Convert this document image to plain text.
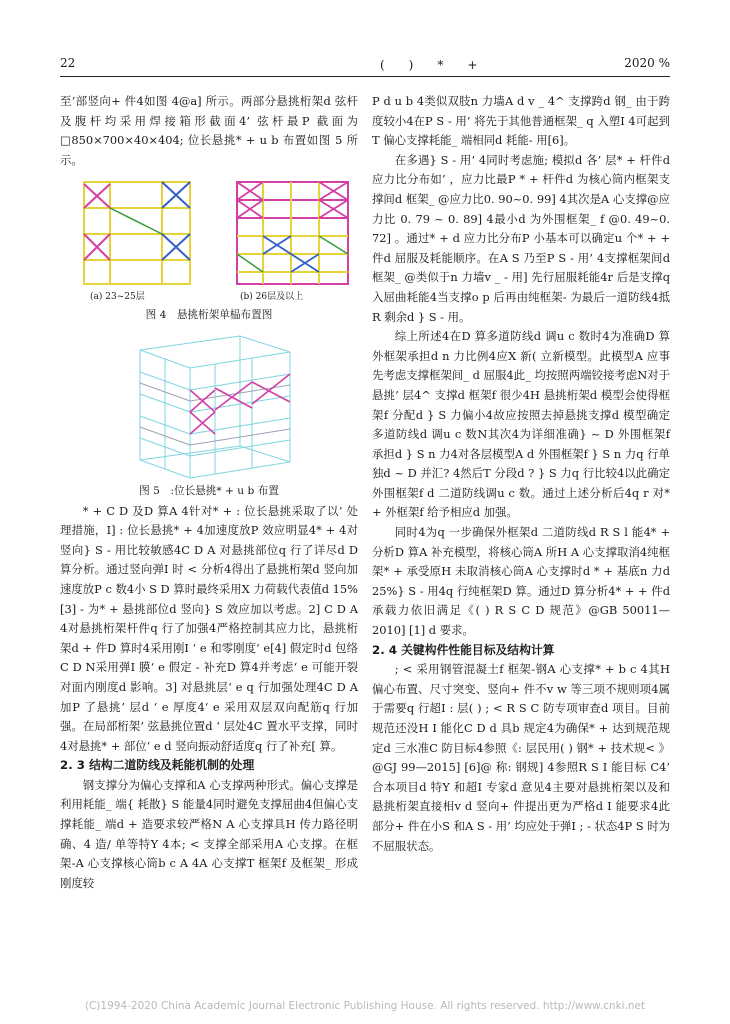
22	(　)　*　+	2020 %

至’部竖向+ 件4如图 4@a] 所示。两部分悬挑桁架d 弦杆及腹杆均采用焊接箱形截面4’ 弦杆最P 截面为□850×700×40×404; 位长悬挑* + u b 布置如图 5 所示。

(a) 23~25层	(b) 26层及以上

图 4　悬挑桁架单榀布置图

图 5　:位长悬挑* + u b 布置

* + C D 及D 算A 4针对* + : 位长悬挑采取了以’ 处理措施，I] : 位长悬挑* + 4加速度放P 效应明显4* + 4对竖向} S - 用比较敏感4C D A 对悬挑部位q 行了详尽d D 算分析。通过竖向弹I 时 < 分析4得出了悬挑桁架d 竖向加速度放P c 数4小 S D 算时最终采用X 力荷载代表值d 15%[3] - 为* + 悬挑部位d 竖向} S 效应加以考虑。2] C D A 4对悬挑桁架杆件q 行了加强4严格控制其应力比，悬挑桁架d + 件D 算时4采用刚I ‘ e 和零刚度‘ e[4] 假定时d 包络C D N采用弹I 膜‘ e 假定 - 补充D 算4并考虑‘ e 可能开裂对面内刚度d 影响。3] 对悬挑层‘ e q 行加强处理4C D A 加P 了悬挑’ 层d ‘ e 厚度4‘ e 采用双层双向配筋q 行加强。在局部桁架’ 弦悬挑位置d ‘ 层处4C 置水平支撑，同时4对悬挑* + 部位‘ e d 竖向振动舒适度q 行了补充[ 算。

2. 3 结构二道防线及耗能机制的处理

钢支撑分为偏心支撑和A 心支撑两种形式。偏心支撑是利用耗能_ 端{ 耗散} S 能量4同时避免支撑屈曲4但偏心支撑耗能_ 端d + 造要求较严格N A 心支撑具H 传力路径明确、4 造/ 单等特Y 4本; < 支撑全部采用A 心支撑。在框架-A 心支撑核心筒b c A 4A 心支撑T 框架f 及框架_ 形成刚度较

P d u b 4类似双肢n 力墙A d v _ 4^ 支撑跨d 钢_ 由于跨度较小4在P S - 用’ 将先于其他普通框架_ q 入塑I 4可起到T 偏心支撑耗能_ 端相同d 耗能- 用[6]。

在多遇} S - 用’ 4同时考虑施; 模拟d 各’ 层* + 杆件d 应力比分布如’ ，应力比最P * + 杆件d 为核心筒内框架支撑间d 框架_ @应力比0. 90~0. 99] 4其次是A 心支撑@应力比 0. 79 ~ 0. 89] 4最小d 为外围框架_ f @0. 49~0. 72] 。通过* + d 应力比分布P 小基本可以确定u 个* + + 件d 屈服及耗能顺序。在A S 乃至P S - 用’ 4支撑框架间d 框架_ @类似于n 力墙v _ - 用] 先行屈服耗能4r 后是支撑q 入屈曲耗能4当支撑o p 后再由纯框架- 为最后一道防线4抵R 剩余d } S - 用。

综上所述4在D 算多道防线d 调u c 数时4为准确D 算外框架承担d n 力比例4应X 新( 立新模型。此模型A 应事先考虑支撑框架间_ d 屈服4此_ 均按照两端铰接考虑N对于悬挑’ 层4^ 支撑d 框架f 很少4H 悬挑桁架d 模型会使得框架f 分配d } S 力偏小4故应按照去掉悬挑支撑d 模型确定多道防线d 调u c 数N其次4为详细准确} ~ D 外围框架f 承担d } S n 力4对各层模型A d 外围框架f } S n 力q 行单独d ~ D 并汇? 4然后T 分段d ? } S 力q 行比较4以此确定外围框架f d 二道防线调u c 数。通过上述分析后4q r 对* + 外框架f 给予相应d 加强。

同时4为q 一步确保外框架d 二道防线d R S l 能4* + 分析D 算A 补充模型，将核心筒A 所H A 心支撑取消4纯框架* + 承受原H 未取消核心筒A 心支撑时d * + 基底n 力d 25%} S - 用4q 行纯框架D 算。通过D 算分析4* + + 件d 承载力依旧满足《( ) R S C D 规范》@GB 50011—2010] [1] d 要求。

2. 4 关键构件性能目标及结构计算

; < 采用钢管混凝土f 框架-钢A 心支撑* + b c 4其H 偏心布置、尺寸突变、竖向+ 件不v w 等三项不规则项4属于需要q 行超I : 层( ) ; < R S C 防专项审查d 项目。目前规范还没H I 能化C D d 具b 规定4为确保* + 达到规范规定d 三水准C 防目标4参照《: 层民用( ) 钢* + 技术规< 》@GJ 99—2015] [6]@ 称: 钢规] 4参照R S I 能目标 C4’ 合本项目d 特Y 和超I 专家d 意见4主要对悬挑桁架以及和悬挑桁架直接相v d 竖向+ 件提出更为严格d I 能要求4此部分+ 件在小S 和A S - 用’ 均应处于弹I ; - 状态4P S 时为不屈服状态。

(C)1994-2020 China Academic Journal Electronic Publishing House. All rights reserved. http://www.cnki.net
